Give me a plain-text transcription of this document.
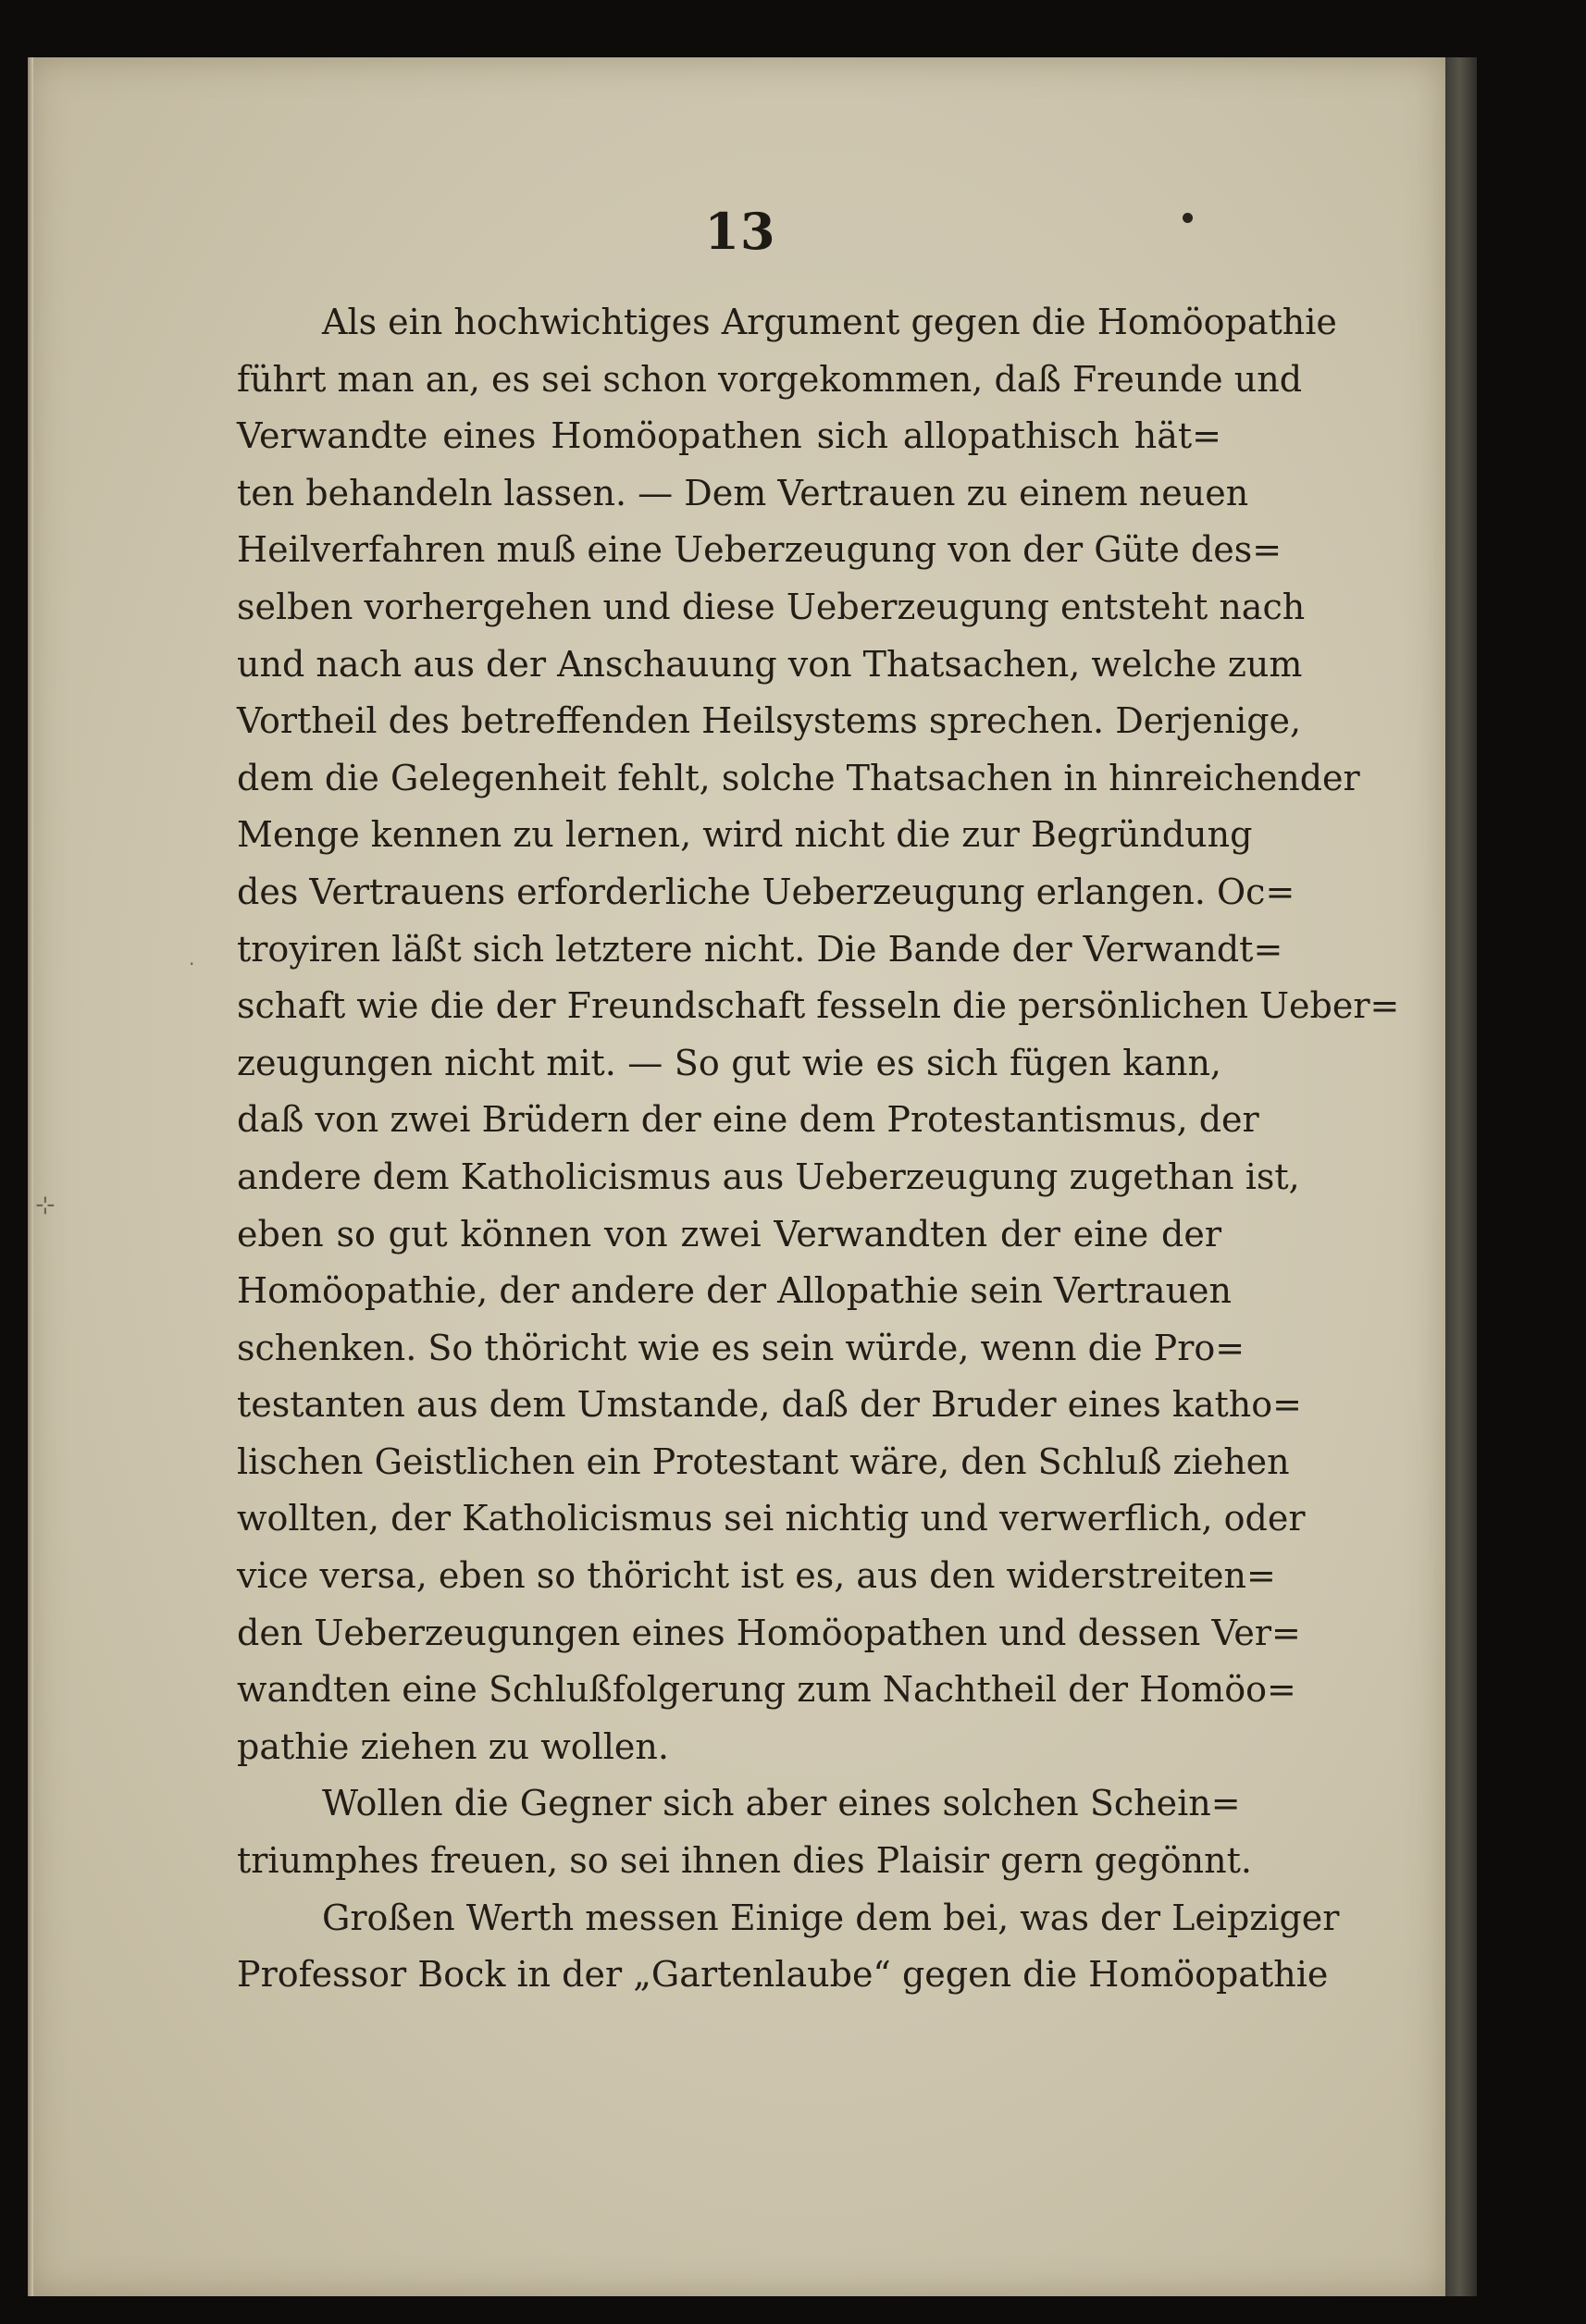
13
⊹
·
Als ein hochwichtiges Argument gegen die Homöopathie
führt man an, es sei schon vorgekommen, daß Freunde und
Verwandte eines Homöopathen sich allopathisch hät=
ten behandeln lassen. — Dem Vertrauen zu einem neuen
Heilverfahren muß eine Ueberzeugung von der Güte des=
selben vorhergehen und diese Ueberzeugung entsteht nach
und nach aus der Anschauung von Thatsachen, welche zum
Vortheil des betreffenden Heilsystems sprechen. Derjenige,
dem die Gelegenheit fehlt, solche Thatsachen in hinreichender
Menge kennen zu lernen, wird nicht die zur Begründung
des Vertrauens erforderliche Ueberzeugung erlangen. Oc=
troyiren läßt sich letztere nicht. Die Bande der Verwandt=
schaft wie die der Freundschaft fesseln die persönlichen Ueber=
zeugungen nicht mit. — So gut wie es sich fügen kann,
daß von zwei Brüdern der eine dem Protestantismus, der
andere dem Katholicismus aus Ueberzeugung zugethan ist,
eben so gut können von zwei Verwandten der eine der
Homöopathie, der andere der Allopathie sein Vertrauen
schenken. So thöricht wie es sein würde, wenn die Pro=
testanten aus dem Umstande, daß der Bruder eines katho=
lischen Geistlichen ein Protestant wäre, den Schluß ziehen
wollten, der Katholicismus sei nichtig und verwerflich, oder
vice versa, eben so thöricht ist es, aus den widerstreiten=
den Ueberzeugungen eines Homöopathen und dessen Ver=
wandten eine Schlußfolgerung zum Nachtheil der Homöo=
pathie ziehen zu wollen.
Wollen die Gegner sich aber eines solchen Schein=
triumphes freuen, so sei ihnen dies Plaisir gern gegönnt.
Großen Werth messen Einige dem bei, was der Leipziger
Professor Bock in der „Gartenlaube“ gegen die Homöopathie
